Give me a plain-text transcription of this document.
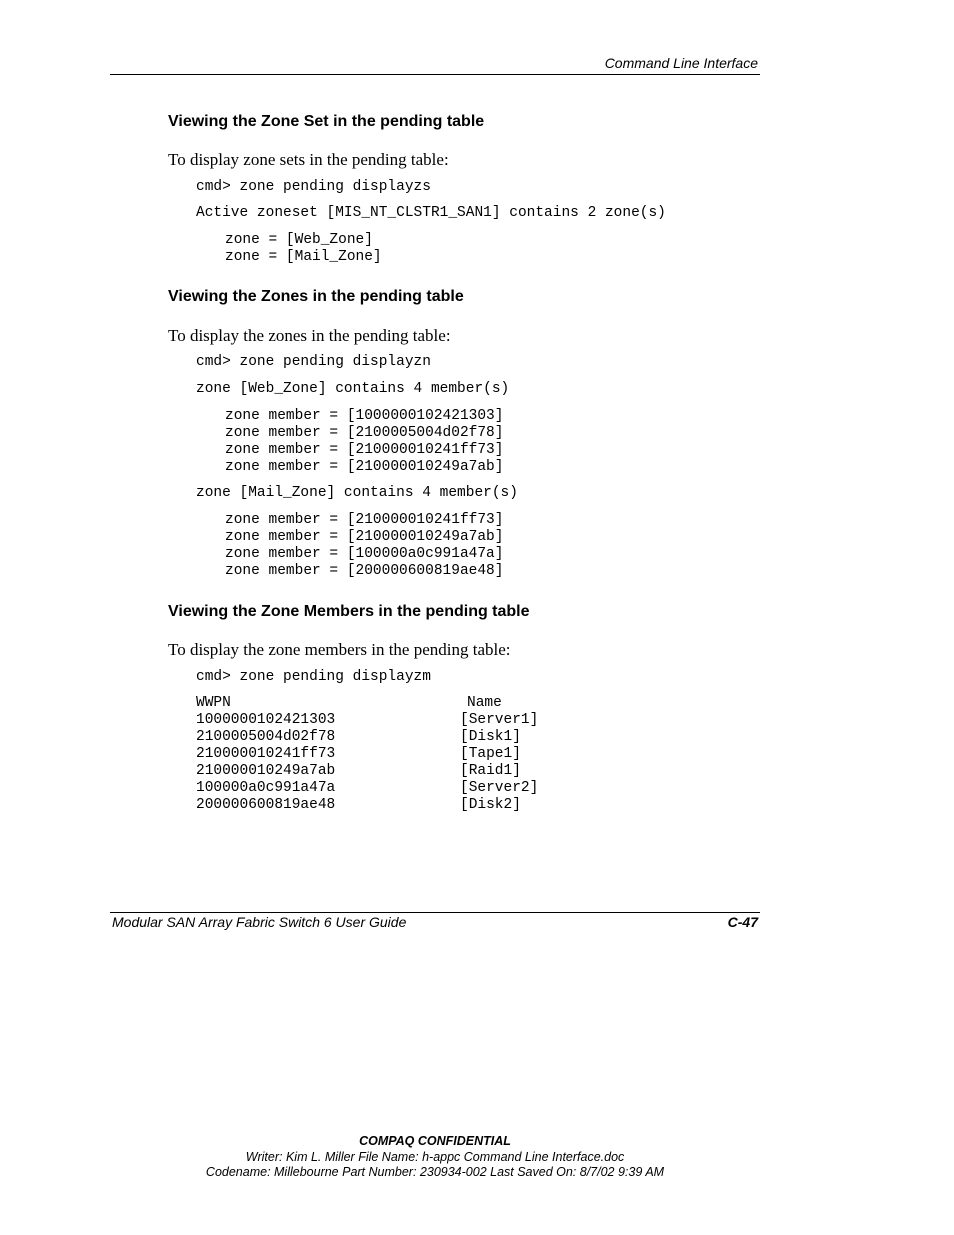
Command Line Interface
Viewing the Zone Set in the pending table
To display zone sets in the pending table:
cmd> zone pending displayzs
Active zoneset [MIS_NT_CLSTR1_SAN1] contains 2 zone(s)
zone = [Web_Zone]
zone = [Mail_Zone]
Viewing the Zones in the pending table
To display the zones in the pending table:
cmd> zone pending displayzn
zone [Web_Zone] contains 4 member(s)
zone member = [1000000102421303]
zone member = [2100005004d02f78]
zone member = [210000010241ff73]
zone member = [210000010249a7ab]
zone [Mail_Zone] contains 4 member(s)
zone member = [210000010241ff73]
zone member = [210000010249a7ab]
zone member = [100000a0c991a47a]
zone member = [200000600819ae48]
Viewing the Zone Members in the pending table
To display the zone members in the pending table:
cmd> zone pending displayzm
WWPN	Name
1000000102421303	[Server1]
2100005004d02f78	[Disk1]
210000010241ff73	[Tape1]
210000010249a7ab	[Raid1]
100000a0c991a47a	[Server2]
200000600819ae48	[Disk2]
Modular SAN Array Fabric Switch 6 User Guide	C-47
COMPAQ CONFIDENTIAL
Writer: Kim L. Miller File Name: h-appc Command Line Interface.doc
Codename: Millebourne Part Number: 230934-002 Last Saved On: 8/7/02 9:39 AM
